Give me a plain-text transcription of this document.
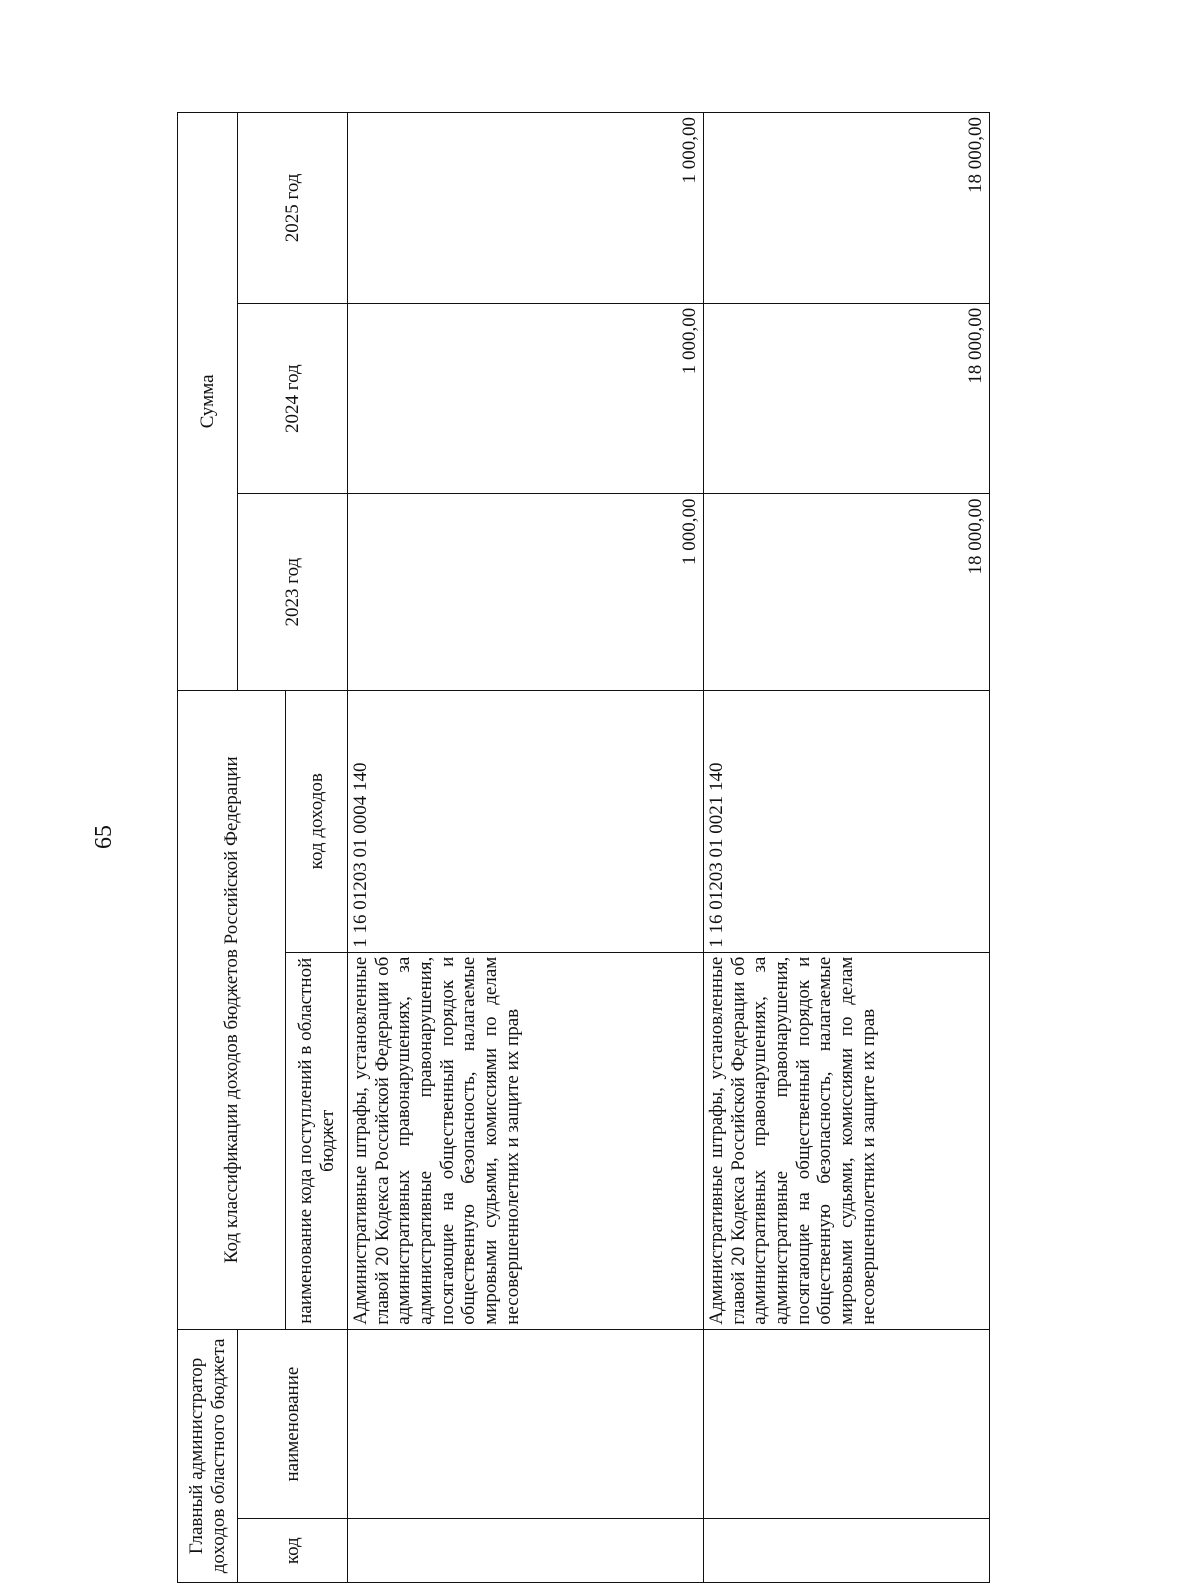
65
Главный администратор доходов областного бюджета		Код классификации доходов бюджетов Российской Федерации		Сумма		
код	наименование			2023 год	2024 год	2025 год
		наименование кода поступлений в областной бюджет	код доходов			
		Административные штрафы, установленные главой 20 Кодекса Российской Федерации об административных правонарушениях, за административные правонарушения, посягающие на общественный порядок и общественную безопасность, налагаемые мировыми судьями, комиссиями по делам несовершеннолетних и защите их прав	1 16 01203 01 0004 140	1 000,00	1 000,00	1 000,00
		Административные штрафы, установленные главой 20 Кодекса Российской Федерации об административных правонарушениях, за административные правонарушения, посягающие на общественный порядок и общественную безопасность, налагаемые мировыми судьями, комиссиями по делам несовершеннолетних и защите их прав	1 16 01203 01 0021 140	18 000,00	18 000,00	18 000,00
